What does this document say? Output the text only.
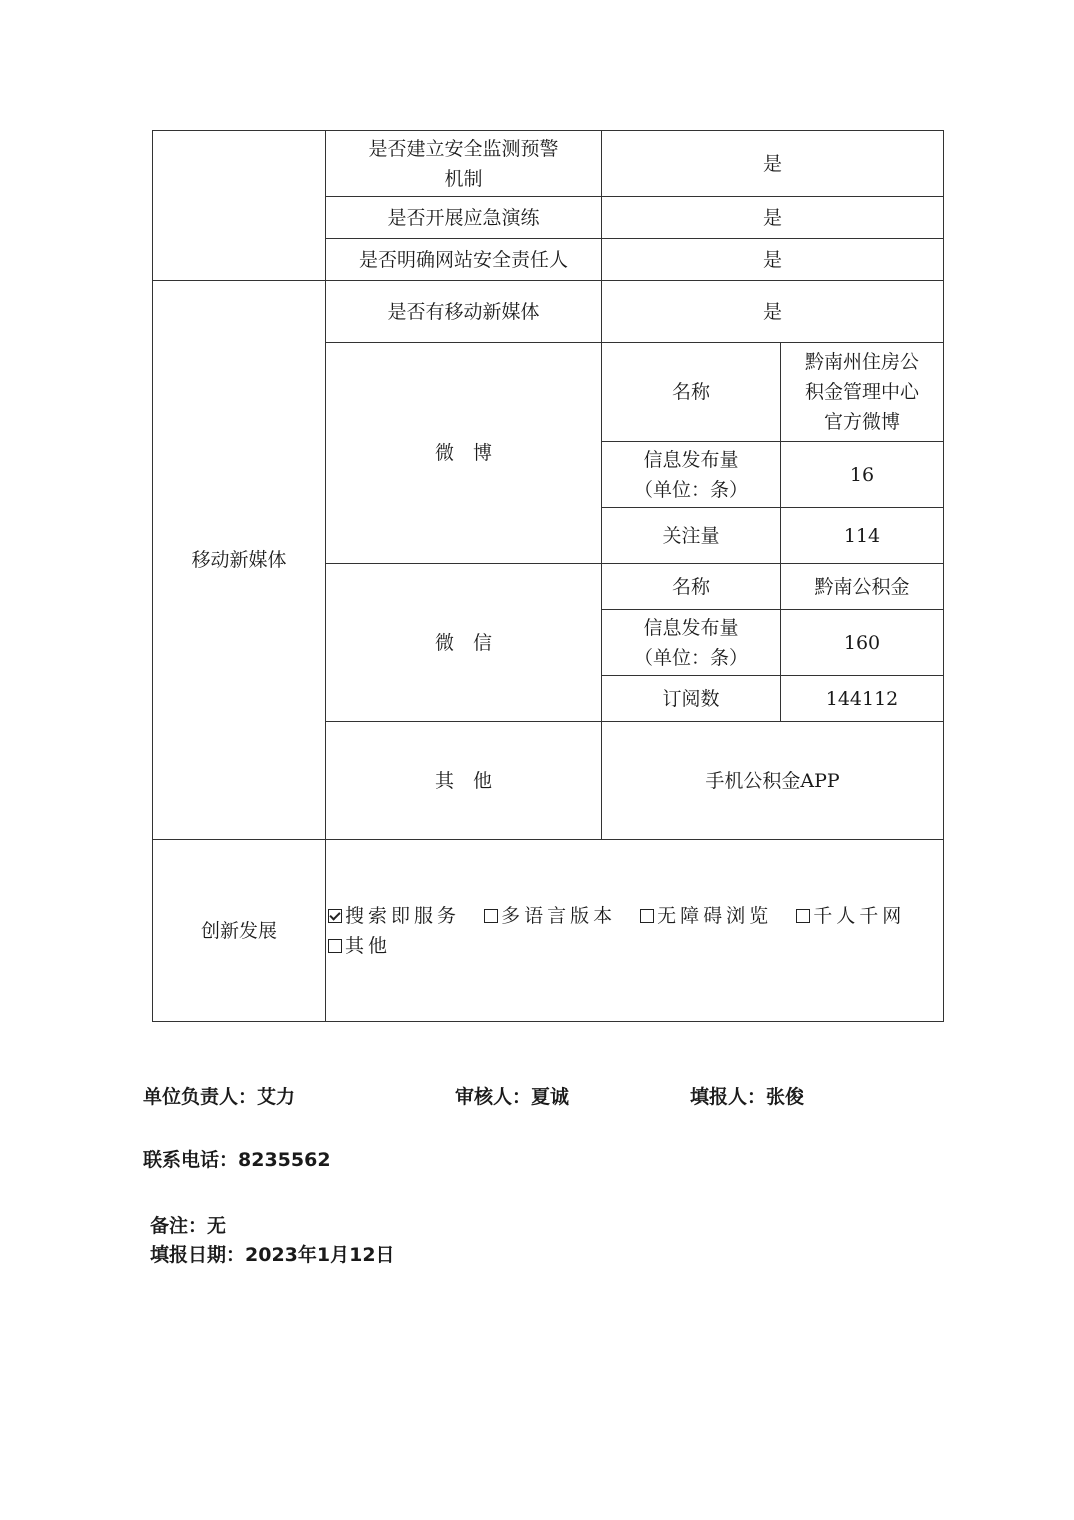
	是否建立安全监测预警
机制	是	
	是否开展应急演练	是	
	是否明确网站安全责任人	是	
移动新媒体	是否有移动新媒体	是	
	微　博	名称	黔南州住房公
积金管理中心
官方微博
		信息发布量
（单位：条）	16
		关注量	114
	微　信	名称	黔南公积金
		信息发布量
（单位：条）	160
		订阅数	144112
	其　他	手机公积金APP	
创新发展	搜索即服务 多语言版本 无障碍浏览 千人千网
其他		
单位负责人：艾力	审核人：夏诚	填报人：张俊
联系电话：8235562
备注：无
填报日期：2023年1月12日
